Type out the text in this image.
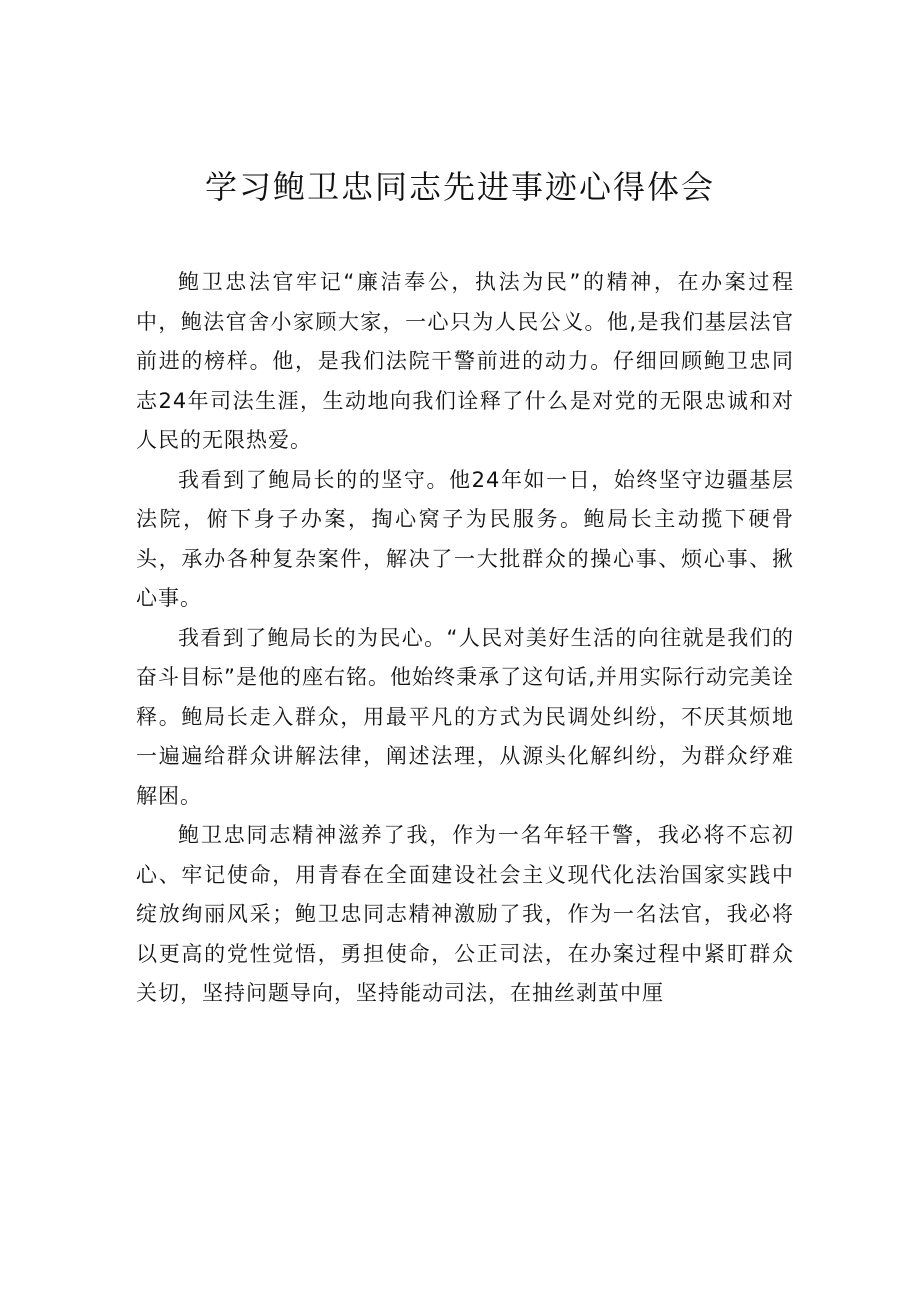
学习鲍卫忠同志先进事迹心得体会

鲍卫忠法官牢记“廉洁奉公，执法为民”的精神，在办案过程中，鲍法官舍小家顾大家，一心只为人民公义。他,是我们基层法官前进的榜样。他，是我们法院干警前进的动力。仔细回顾鲍卫忠同志24年司法生涯，生动地向我们诠释了什么是对党的无限忠诚和对人民的无限热爱。

我看到了鲍局长的的坚守。他24年如一日，始终坚守边疆基层法院，俯下身子办案，掏心窝子为民服务。鲍局长主动揽下硬骨头，承办各种复杂案件，解决了一大批群众的操心事、烦心事、揪心事。

我看到了鲍局长的为民心。“人民对美好生活的向往就是我们的奋斗目标”是他的座右铭。他始终秉承了这句话,并用实际行动完美诠释。鲍局长走入群众，用最平凡的方式为民调处纠纷，不厌其烦地一遍遍给群众讲解法律，阐述法理，从源头化解纠纷，为群众纾难解困。

鲍卫忠同志精神滋养了我，作为一名年轻干警，我必将不忘初心、牢记使命，用青春在全面建设社会主义现代化法治国家实践中绽放绚丽风采；鲍卫忠同志精神激励了我，作为一名法官，我必将以更高的党性觉悟，勇担使命，公正司法，在办案过程中紧盯群众关切，坚持问题导向，坚持能动司法，在抽丝剥茧中厘
